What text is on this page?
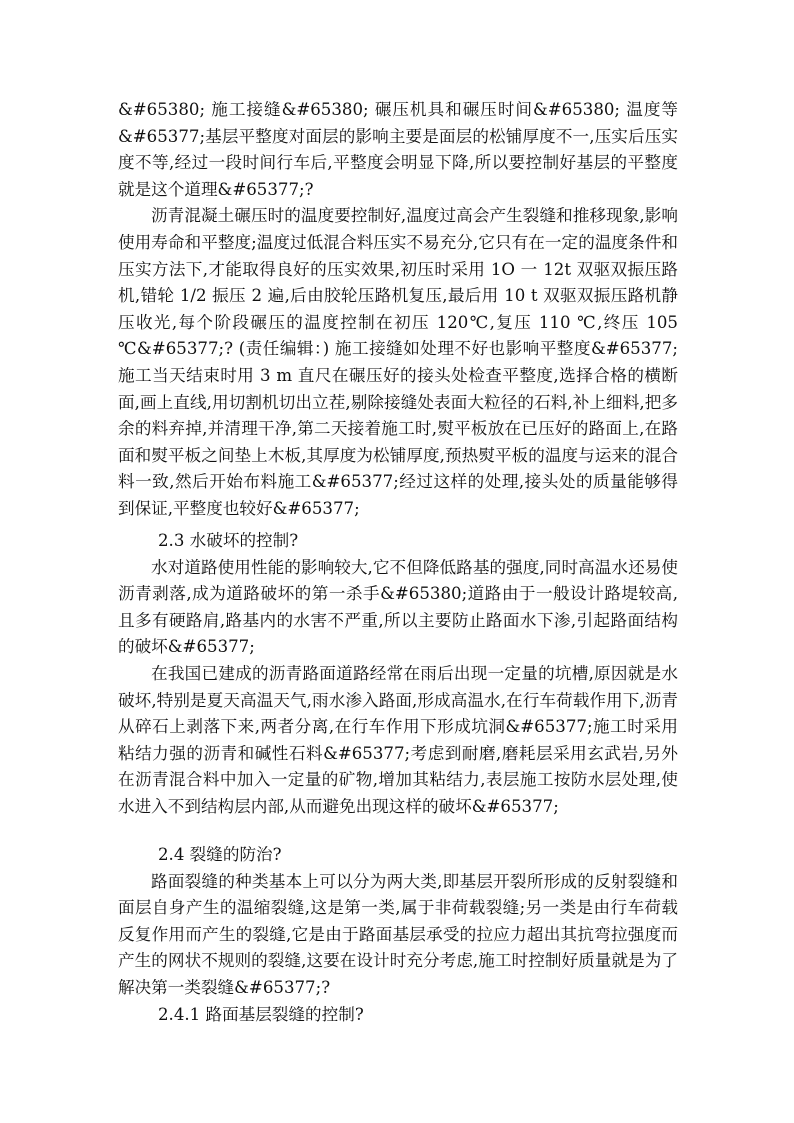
&#65380; 施工接缝&#65380; 碾压机具和碾压时间&#65380; 温度等&#65377;基层平整度对面层的影响主要是面层的松铺厚度不一,压实后压实度不等,经过一段时间行车后,平整度会明显下降,所以要控制好基层的平整度就是这个道理&#65377;?

沥青混凝土碾压时的温度要控制好,温度过高会产生裂缝和推移现象,影响使用寿命和平整度;温度过低混合料压实不易充分,它只有在一定的温度条件和压实方法下,才能取得良好的压实效果,初压时采用 1O 一 12t 双驱双振压路机,错轮 1/2 振压 2 遍,后由胶轮压路机复压,最后用 10 t 双驱双振压路机静压收光,每个阶段碾压的温度控制在初压 120℃,复压 110 ℃,终压 105 ℃&#65377;? (责任编辑：) 施工接缝如处理不好也影响平整度&#65377;施工当天结束时用 3 m 直尺在碾压好的接头处检查平整度,选择合格的横断面,画上直线,用切割机切出立茬,剔除接缝处表面大粒径的石料,补上细料,把多余的料弃掉,并清理干净,第二天接着施工时,熨平板放在已压好的路面上,在路面和熨平板之间垫上木板,其厚度为松铺厚度,预热熨平板的温度与运来的混合料一致,然后开始布料施工&#65377;经过这样的处理,接头处的质量能够得到保证,平整度也较好&#65377;

2.3 水破坏的控制?

水对道路使用性能的影响较大,它不但降低路基的强度,同时高温水还易使沥青剥落,成为道路破坏的第一杀手&#65380;道路由于一般设计路堤较高,且多有硬路肩,路基内的水害不严重,所以主要防止路面水下渗,引起路面结构的破坏&#65377;

在我国已建成的沥青路面道路经常在雨后出现一定量的坑槽,原因就是水破坏,特别是夏天高温天气,雨水渗入路面,形成高温水,在行车荷载作用下,沥青从碎石上剥落下来,两者分离,在行车作用下形成坑洞&#65377;施工时采用粘结力强的沥青和碱性石料&#65377;考虑到耐磨,磨耗层采用玄武岩,另外在沥青混合料中加入一定量的矿物,增加其粘结力,表层施工按防水层处理,使水进入不到结构层内部,从而避免出现这样的破坏&#65377;

2.4 裂缝的防治?

路面裂缝的种类基本上可以分为两大类,即基层开裂所形成的反射裂缝和面层自身产生的温缩裂缝,这是第一类,属于非荷载裂缝;另一类是由行车荷载反复作用而产生的裂缝,它是由于路面基层承受的拉应力超出其抗弯拉强度而产生的网状不规则的裂缝,这要在设计时充分考虑,施工时控制好质量就是为了解决第一类裂缝&#65377;?

2.4.1 路面基层裂缝的控制?
